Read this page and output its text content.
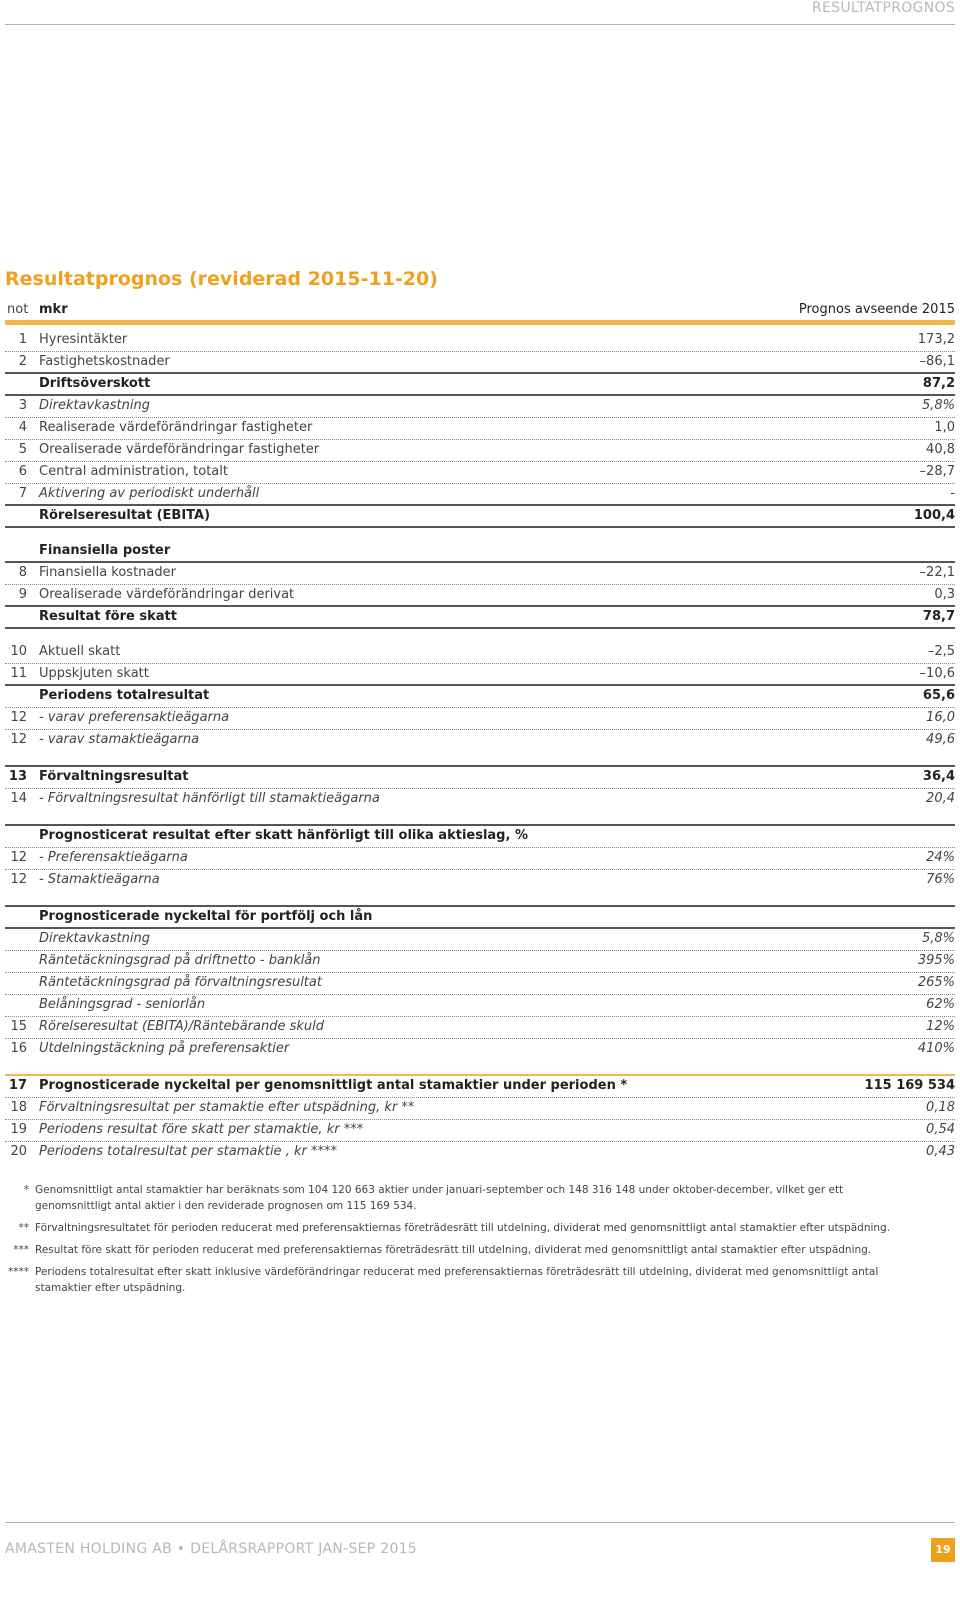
RESULTATPROGNOS
Resultatprognos (reviderad 2015-11-20)
not mkr	Prognos avseende 2015
1 Hyresintäkter	173,2
2 Fastighetskostnader	–86,1
Driftsöverskott	87,2
3 Direktavkastning	5,8%
4 Realiserade värdeförändringar fastigheter	1,0
5 Orealiserade värdeförändringar fastigheter	40,8
6 Central administration, totalt	–28,7
7 Aktivering av periodiskt underhåll	-
Rörelseresultat (EBITA)	100,4
Finansiella poster
8 Finansiella kostnader	–22,1
9 Orealiserade värdeförändringar derivat	0,3
Resultat före skatt	78,7
10 Aktuell skatt	–2,5
11 Uppskjuten skatt	–10,6
Periodens totalresultat	65,6
12 - varav preferensaktieägarna	16,0
12 - varav stamaktieägarna	49,6
13 Förvaltningsresultat	36,4
14 - Förvaltningsresultat hänförligt till stamaktieägarna	20,4
Prognosticerat resultat efter skatt hänförligt till olika aktieslag, %
12 - Preferensaktieägarna	24%
12 - Stamaktieägarna	76%
Prognosticerade nyckeltal för portfölj och lån
Direktavkastning	5,8%
Räntetäckningsgrad på driftnetto - banklån	395%
Räntetäckningsgrad på förvaltningsresultat	265%
Belåningsgrad - seniorlån	62%
15 Rörelseresultat (EBITA)/Räntebärande skuld	12%
16 Utdelningstäckning på preferensaktier	410%
17 Prognosticerade nyckeltal per genomsnittligt antal stamaktier under perioden *	115 169 534
18 Förvaltningsresultat per stamaktie efter utspädning, kr **	0,18
19 Periodens resultat före skatt per stamaktie, kr ***	0,54
20 Periodens totalresultat per stamaktie , kr ****	0,43
* Genomsnittligt antal stamaktier har beräknats som 104 120 663 aktier under januari-september och 148 316 148 under oktober-december, vilket ger ett genomsnittligt antal aktier i den reviderade prognosen om 115 169 534.
** Förvaltningsresultatet för perioden reducerat med preferensaktiernas företrädesrätt till utdelning, dividerat med genomsnittligt antal stamaktier efter utspädning.
*** Resultat före skatt för perioden reducerat med preferensaktiernas företrädesrätt till utdelning, dividerat med genomsnittligt antal stamaktier efter utspädning.
**** Periodens totalresultat efter skatt inklusive värdeförändringar reducerat med preferensaktiernas företrädesrätt till utdelning, dividerat med genomsnittligt antal stamaktier efter utspädning.
AMASTEN HOLDING AB • DELÅRSRAPPORT JAN-SEP 2015	19
